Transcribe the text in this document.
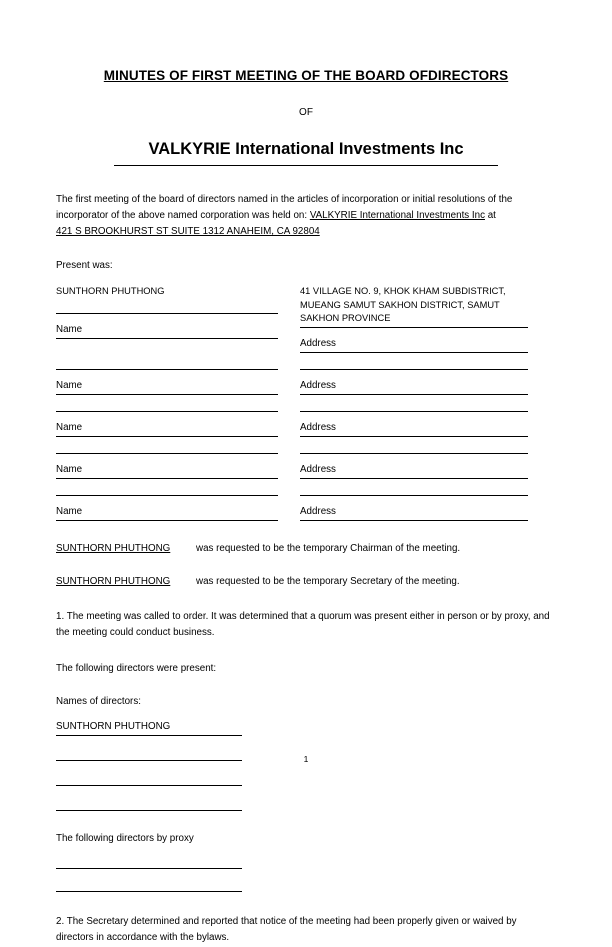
MINUTES OF FIRST MEETING OF THE BOARD OFDIRECTORS
OF
VALKYRIE International Investments Inc
The first meeting of the board of directors named in the articles of incorporation or initial resolutions of the incorporator of the above named corporation was held on: VALKYRIE International Investments Inc at
421 S BROOKHURST ST SUITE 1312 ANAHEIM, CA 92804
Present was:
SUNTHORN PHUTHONG
Name
41 VILLAGE NO. 9, KHOK KHAM SUBDISTRICT, MUEANG SAMUT SAKHON DISTRICT, SAMUT SAKHON PROVINCE
Address
Name	Address
Name	Address
Name	Address
Name	Address
SUNTHORN PHUTHONG	was requested to be the temporary Chairman of the meeting.
SUNTHORN PHUTHONG	was requested to be the temporary Secretary of the meeting.
1. The meeting was called to order. It was determined that a quorum was present either in person or by proxy, and the meeting could conduct business.
The following directors were present:
Names of directors:
SUNTHORN PHUTHONG
The following directors by proxy
2. The Secretary determined and reported that notice of the meeting had been properly given or waived by directors in accordance with the bylaws.
1
